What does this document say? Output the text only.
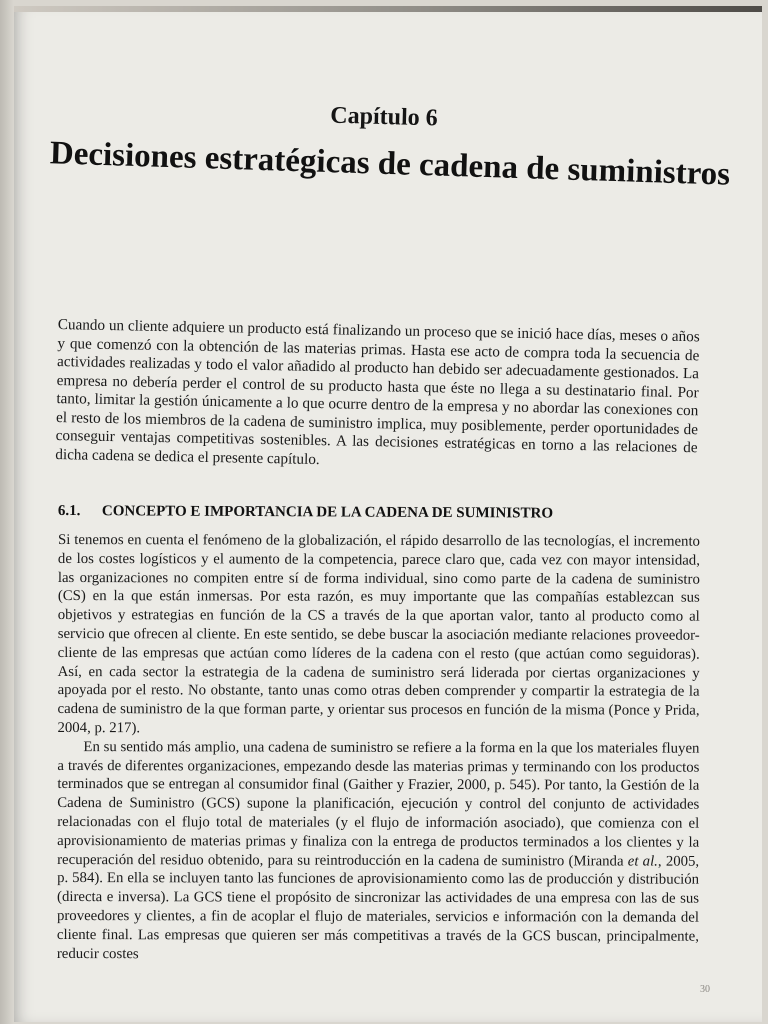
Capítulo 6
Decisiones estratégicas de cadena de suministros

Cuando un cliente adquiere un producto está finalizando un proceso que se inició hace días, meses o años y que comenzó con la obtención de las materias primas. Hasta ese acto de compra toda la secuencia de actividades realizadas y todo el valor añadido al producto han debido ser adecuadamente gestionados. La empresa no debería perder el control de su producto hasta que éste no llega a su destinatario final. Por tanto, limitar la gestión únicamente a lo que ocurre dentro de la empresa y no abordar las conexiones con el resto de los miembros de la cadena de suministro implica, muy posiblemente, perder oportunidades de conseguir ventajas competitivas sostenibles. A las decisiones estratégicas en torno a las relaciones de dicha cadena se dedica el presente capítulo.

6.1. CONCEPTO E IMPORTANCIA DE LA CADENA DE SUMINISTRO

Si tenemos en cuenta el fenómeno de la globalización, el rápido desarrollo de las tecnologías, el incremento de los costes logísticos y el aumento de la competencia, parece claro que, cada vez con mayor intensidad, las organizaciones no compiten entre sí de forma individual, sino como parte de la cadena de suministro (CS) en la que están inmersas. Por esta razón, es muy importante que las compañías establezcan sus objetivos y estrategias en función de la CS a través de la que aportan valor, tanto al producto como al servicio que ofrecen al cliente. En este sentido, se debe buscar la asociación mediante relaciones proveedor-cliente de las empresas que actúan como líderes de la cadena con el resto (que actúan como seguidoras). Así, en cada sector la estrategia de la cadena de suministro será liderada por ciertas organizaciones y apoyada por el resto. No obstante, tanto unas como otras deben comprender y compartir la estrategia de la cadena de suministro de la que forman parte, y orientar sus procesos en función de la misma (Ponce y Prida, 2004, p. 217).

En su sentido más amplio, una cadena de suministro se refiere a la forma en la que los materiales fluyen a través de diferentes organizaciones, empezando desde las materias primas y terminando con los productos terminados que se entregan al consumidor final (Gaither y Frazier, 2000, p. 545). Por tanto, la Gestión de la Cadena de Suministro (GCS) supone la planificación, ejecución y control del conjunto de actividades relacionadas con el flujo total de materiales (y el flujo de información asociado), que comienza con el aprovisionamiento de materias primas y finaliza con la entrega de productos terminados a los clientes y la recuperación del residuo obtenido, para su reintroducción en la cadena de suministro (Miranda et al., 2005, p. 584). En ella se incluyen tanto las funciones de aprovisionamiento como las de producción y distribución (directa e inversa). La GCS tiene el propósito de sincronizar las actividades de una empresa con las de sus proveedores y clientes, a fin de acoplar el flujo de materiales, servicios e información con la demanda del cliente final. Las empresas que quieren ser más competitivas a través de la GCS buscan, principalmente, reducir costes

30
